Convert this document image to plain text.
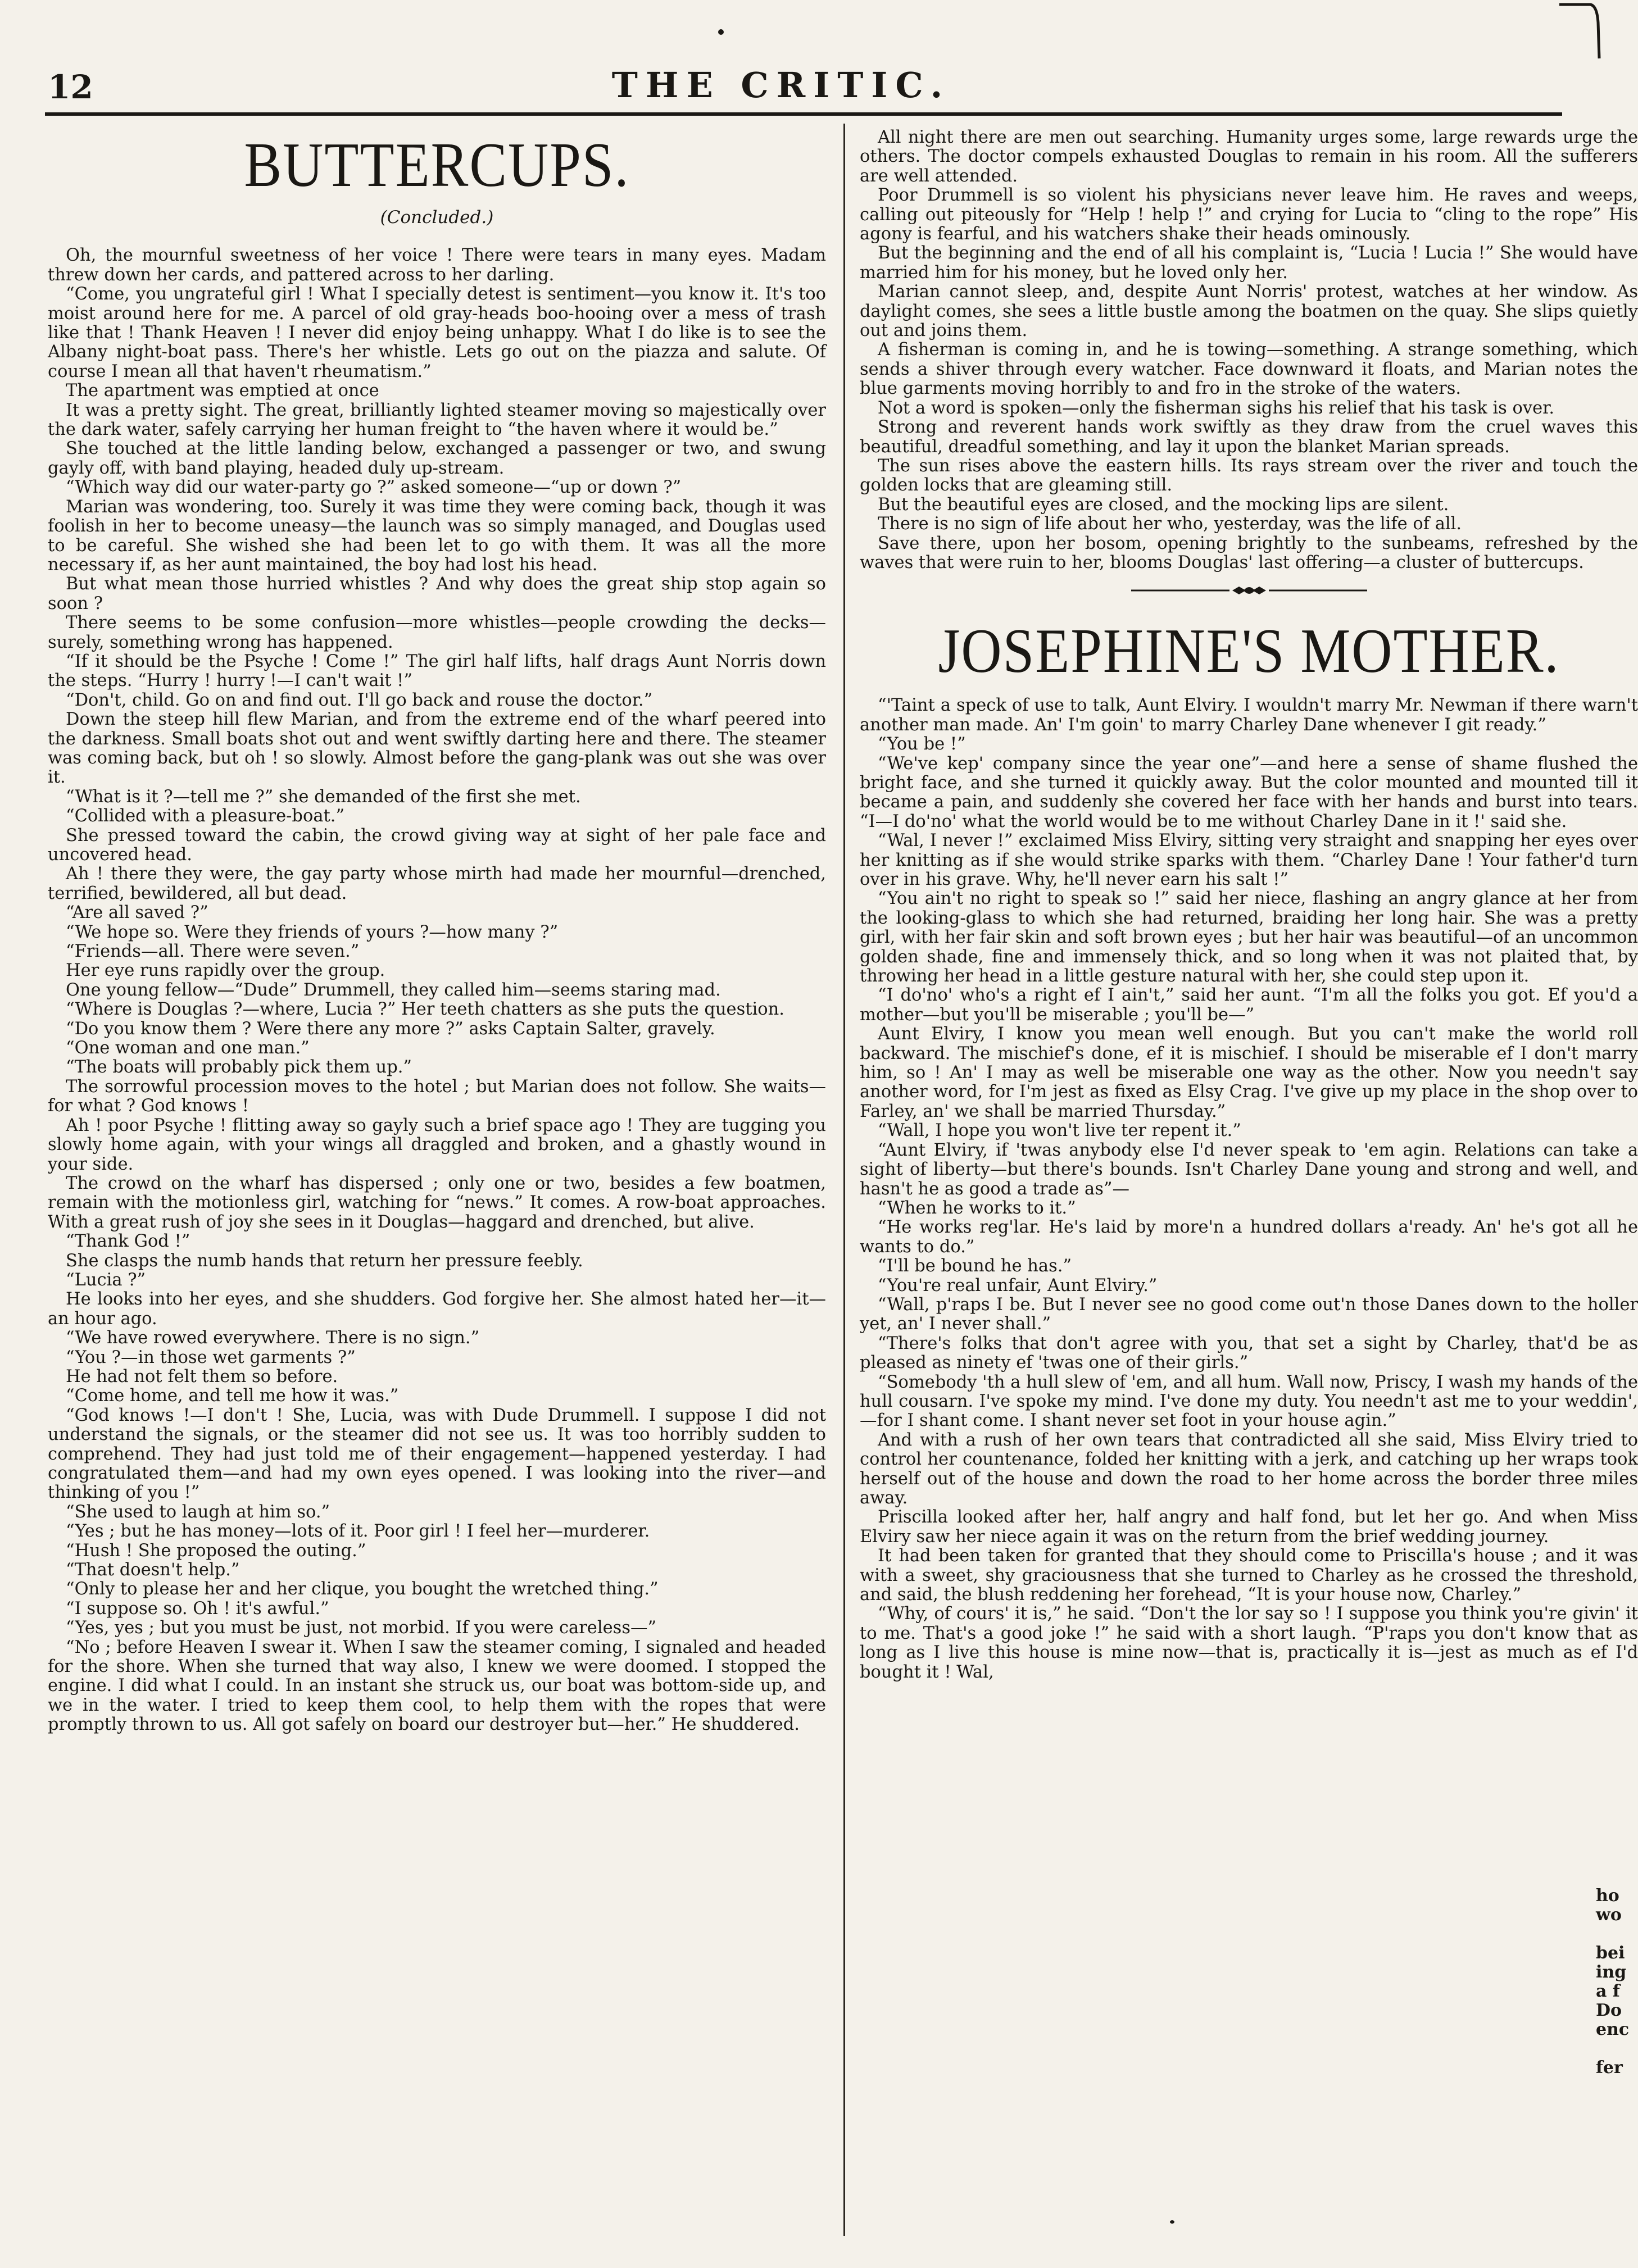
12	THE CRITIC.
BUTTERCUPS.
(Concluded.)

Oh, the mournful sweetness of her voice ! There were tears in many eyes. Madam threw down her cards, and pattered across to her darling.

“Come, you ungrateful girl ! What I specially detest is sentiment—you know it. It's too moist around here for me. A parcel of old gray-heads boo-hooing over a mess of trash like that ! Thank Heaven ! I never did enjoy being unhappy. What I do like is to see the Albany night-boat pass. There's her whistle. Lets go out on the piazza and salute. Of course I mean all that haven't rheumatism.”

The apartment was emptied at once

It was a pretty sight. The great, brilliantly lighted steamer moving so majestically over the dark water, safely carrying her human freight to “the haven where it would be.”

She touched at the little landing below, exchanged a passenger or two, and swung gayly off, with band playing, headed duly up-stream.

“Which way did our water-party go ?” asked someone—“up or down ?”

Marian was wondering, too. Surely it was time they were coming back, though it was foolish in her to become uneasy—the launch was so simply managed, and Douglas used to be careful. She wished she had been let to go with them. It was all the more necessary if, as her aunt maintained, the boy had lost his head.

But what mean those hurried whistles ? And why does the great ship stop again so soon ?

There seems to be some confusion—more whistles—people crowding the decks—surely, something wrong has happened.

“If it should be the Psyche ! Come !” The girl half lifts, half drags Aunt Norris down the steps. “Hurry ! hurry !—I can't wait !”

“Don't, child. Go on and find out. I'll go back and rouse the doctor.”

Down the steep hill flew Marian, and from the extreme end of the wharf peered into the darkness. Small boats shot out and went swiftly darting here and there. The steamer was coming back, but oh ! so slowly. Almost before the gang-plank was out she was over it.

“What is it ?—tell me ?” she demanded of the first she met.

“Collided with a pleasure-boat.”

She pressed toward the cabin, the crowd giving way at sight of her pale face and uncovered head.

Ah ! there they were, the gay party whose mirth had made her mournful—drenched, terrified, bewildered, all but dead.

“Are all saved ?”

“We hope so. Were they friends of yours ?—how many ?”

“Friends—all. There were seven.”

Her eye runs rapidly over the group.

One young fellow—“Dude” Drummell, they called him—seems staring mad.

“Where is Douglas ?—where, Lucia ?” Her teeth chatters as she puts the question.

“Do you know them ? Were there any more ?” asks Captain Salter, gravely.

“One woman and one man.”

“The boats will probably pick them up.”

The sorrowful procession moves to the hotel ; but Marian does not follow. She waits—for what ? God knows !

Ah ! poor Psyche ! flitting away so gayly such a brief space ago ! They are tugging you slowly home again, with your wings all draggled and broken, and a ghastly wound in your side.

The crowd on the wharf has dispersed ; only one or two, besides a few boatmen, remain with the motionless girl, watching for “news.” It comes. A row-boat approaches. With a great rush of joy she sees in it Douglas—haggard and drenched, but alive.

“Thank God !”

She clasps the numb hands that return her pressure feebly.

“Lucia ?”

He looks into her eyes, and she shudders. God forgive her. She almost hated her—it—an hour ago.

“We have rowed everywhere. There is no sign.”

“You ?—in those wet garments ?”

He had not felt them so before.

“Come home, and tell me how it was.”

“God knows !—I don't ! She, Lucia, was with Dude Drummell. I suppose I did not understand the signals, or the steamer did not see us. It was too horribly sudden to comprehend. They had just told me of their engagement—happened yesterday. I had congratulated them—and had my own eyes opened. I was looking into the river—and thinking of you !”

“She used to laugh at him so.”

“Yes ; but he has money—lots of it. Poor girl ! I feel her—murderer.

“Hush ! She proposed the outing.”

“That doesn't help.”

“Only to please her and her clique, you bought the wretched thing.”

“I suppose so. Oh ! it's awful.”

“Yes, yes ; but you must be just, not morbid. If you were careless—”

“No ; before Heaven I swear it. When I saw the steamer coming, I signaled and headed for the shore. When she turned that way also, I knew we were doomed. I stopped the engine. I did what I could. In an instant she struck us, our boat was bottom-side up, and we in the water. I tried to keep them cool, to help them with the ropes that were promptly thrown to us. All got safely on board our destroyer but—her.” He shuddered.

All night there are men out searching. Humanity urges some, large rewards urge the others. The doctor compels exhausted Douglas to remain in his room. All the sufferers are well attended.

Poor Drummell is so violent his physicians never leave him. He raves and weeps, calling out piteously for “Help ! help !” and crying for Lucia to “cling to the rope” His agony is fearful, and his watchers shake their heads ominously.

But the beginning and the end of all his complaint is, “Lucia ! Lucia !” She would have married him for his money, but he loved only her.

Marian cannot sleep, and, despite Aunt Norris' protest, watches at her window. As daylight comes, she sees a little bustle among the boatmen on the quay. She slips quietly out and joins them.

A fisherman is coming in, and he is towing—something. A strange something, which sends a shiver through every watcher. Face downward it floats, and Marian notes the blue garments moving horribly to and fro in the stroke of the waters.

Not a word is spoken—only the fisherman sighs his relief that his task is over.

Strong and reverent hands work swiftly as they draw from the cruel waves this beautiful, dreadful something, and lay it upon the blanket Marian spreads.

The sun rises above the eastern hills. Its rays stream over the river and touch the golden locks that are gleaming still.

But the beautiful eyes are closed, and the mocking lips are silent.

There is no sign of life about her who, yesterday, was the life of all.

Save there, upon her bosom, opening brightly to the sunbeams, refreshed by the waves that were ruin to her, blooms Douglas' last offering—a cluster of buttercups.

JOSEPHINE'S MOTHER.

“'Taint a speck of use to talk, Aunt Elviry. I wouldn't marry Mr. Newman if there warn't another man made. An' I'm goin' to marry Charley Dane whenever I git ready.”

“You be !”

“We've kep' company since the year one”—and here a sense of shame flushed the bright face, and she turned it quickly away. But the color mounted and mounted till it became a pain, and suddenly she covered her face with her hands and burst into tears. “I—I do'no' what the world would be to me without Charley Dane in it !' said she.

“Wal, I never !” exclaimed Miss Elviry, sitting very straight and snapping her eyes over her knitting as if she would strike sparks with them. “Charley Dane ! Your father'd turn over in his grave. Why, he'll never earn his salt !”

“You ain't no right to speak so !” said her niece, flashing an angry glance at her from the looking-glass to which she had returned, braiding her long hair. She was a pretty girl, with her fair skin and soft brown eyes ; but her hair was beautiful—of an uncommon golden shade, fine and immensely thick, and so long when it was not plaited that, by throwing her head in a little gesture natural with her, she could step upon it.

“I do'no' who's a right ef I ain't,” said her aunt. “I'm all the folks you got. Ef you'd a mother—but you'll be miserable ; you'll be—”

Aunt Elviry, I know you mean well enough. But you can't make the world roll backward. The mischief's done, ef it is mischief. I should be miserable ef I don't marry him, so ! An' I may as well be miserable one way as the other. Now you needn't say another word, for I'm jest as fixed as Elsy Crag. I've give up my place in the shop over to Farley, an' we shall be married Thursday.”

“Wall, I hope you won't live ter repent it.”

“Aunt Elviry, if 'twas anybody else I'd never speak to 'em agin. Relations can take a sight of liberty—but there's bounds. Isn't Charley Dane young and strong and well, and hasn't he as good a trade as”—

“When he works to it.”

“He works reg'lar. He's laid by more'n a hundred dollars a'ready. An' he's got all he wants to do.”

“I'll be bound he has.”

“You're real unfair, Aunt Elviry.”

“Wall, p'raps I be. But I never see no good come out'n those Danes down to the holler yet, an' I never shall.”

“There's folks that don't agree with you, that set a sight by Charley, that'd be as pleased as ninety ef 'twas one of their girls.”

“Somebody 'th a hull slew of 'em, and all hum. Wall now, Priscy, I wash my hands of the hull cousarn. I've spoke my mind. I've done my duty. You needn't ast me to your weddin',—for I shant come. I shant never set foot in your house agin.”

And with a rush of her own tears that contradicted all she said, Miss Elviry tried to control her countenance, folded her knitting with a jerk, and catching up her wraps took herself out of the house and down the road to her home across the border three miles away.

Priscilla looked after her, half angry and half fond, but let her go. And when Miss Elviry saw her niece again it was on the return from the brief wedding journey.

It had been taken for granted that they should come to Priscilla's house ; and it was with a sweet, shy graciousness that she turned to Charley as he crossed the threshold, and said, the blush reddening her forehead, “It is your house now, Charley.”

“Why, of cours' it is,” he said. “Don't the lor say so ! I suppose you think you're givin' it to me. That's a good joke !” he said with a short laugh. “P'raps you don't know that as long as I live this house is mine now—that is, practically it is—jest as much as ef I'd bought it ! Wal,

ho
wo

bei
ing
a f
Do
enc

fer
